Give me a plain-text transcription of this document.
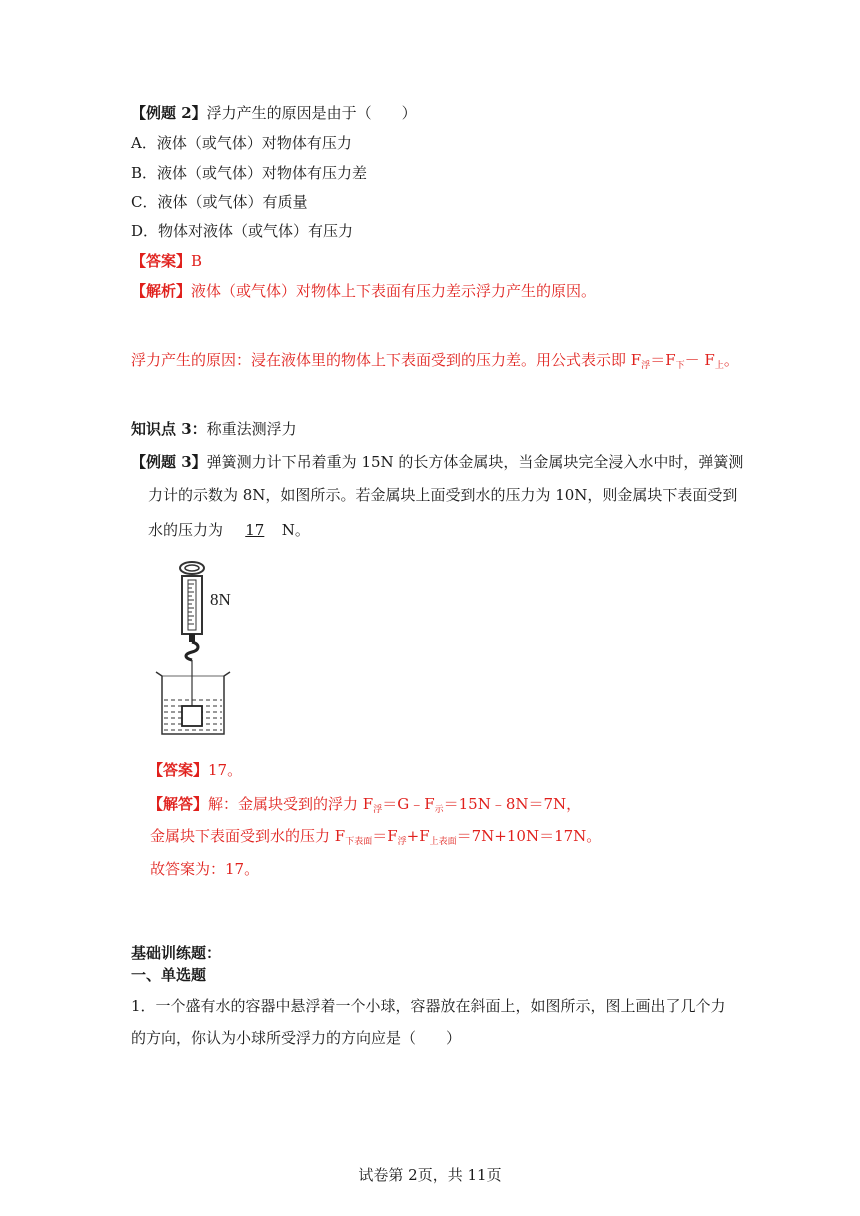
【例题 2】浮力产生的原因是由于（　　）
A．液体（或气体）对物体有压力
B．液体（或气体）对物体有压力差
C．液体（或气体）有质量
D．物体对液体（或气体）有压力
【答案】B
【解析】液体（或气体）对物体上下表面有压力差示浮力产生的原因。
浮力产生的原因：浸在液体里的物体上下表面受到的压力差。用公式表示即 $F_浮=F_下- F_上$。
知识点 3：称重法测浮力
【例题 3】弹簧测力计下吊着重为 15N 的长方体金属块，当金属块完全浸入水中时，弹簧测
力计的示数为 8N，如图所示。若金属块上面受到水的压力为 10N，则金属块下表面受到
水的压力为 17 N。
8N
【答案】17。
【解答】解：金属块受到的浮力 $F_浮=G﹣F_示=15N﹣8N=7N$，
金属块下表面受到水的压力 $F_{下表面}=F_浮+F_{上表面}=7N+10N=17N$。
故答案为：17。
基础训练题：
一、单选题
1．一个盛有水的容器中悬浮着一个小球，容器放在斜面上，如图所示，图上画出了几个力
的方向，你认为小球所受浮力的方向应是（　　）
试卷第 2页，共 11页
